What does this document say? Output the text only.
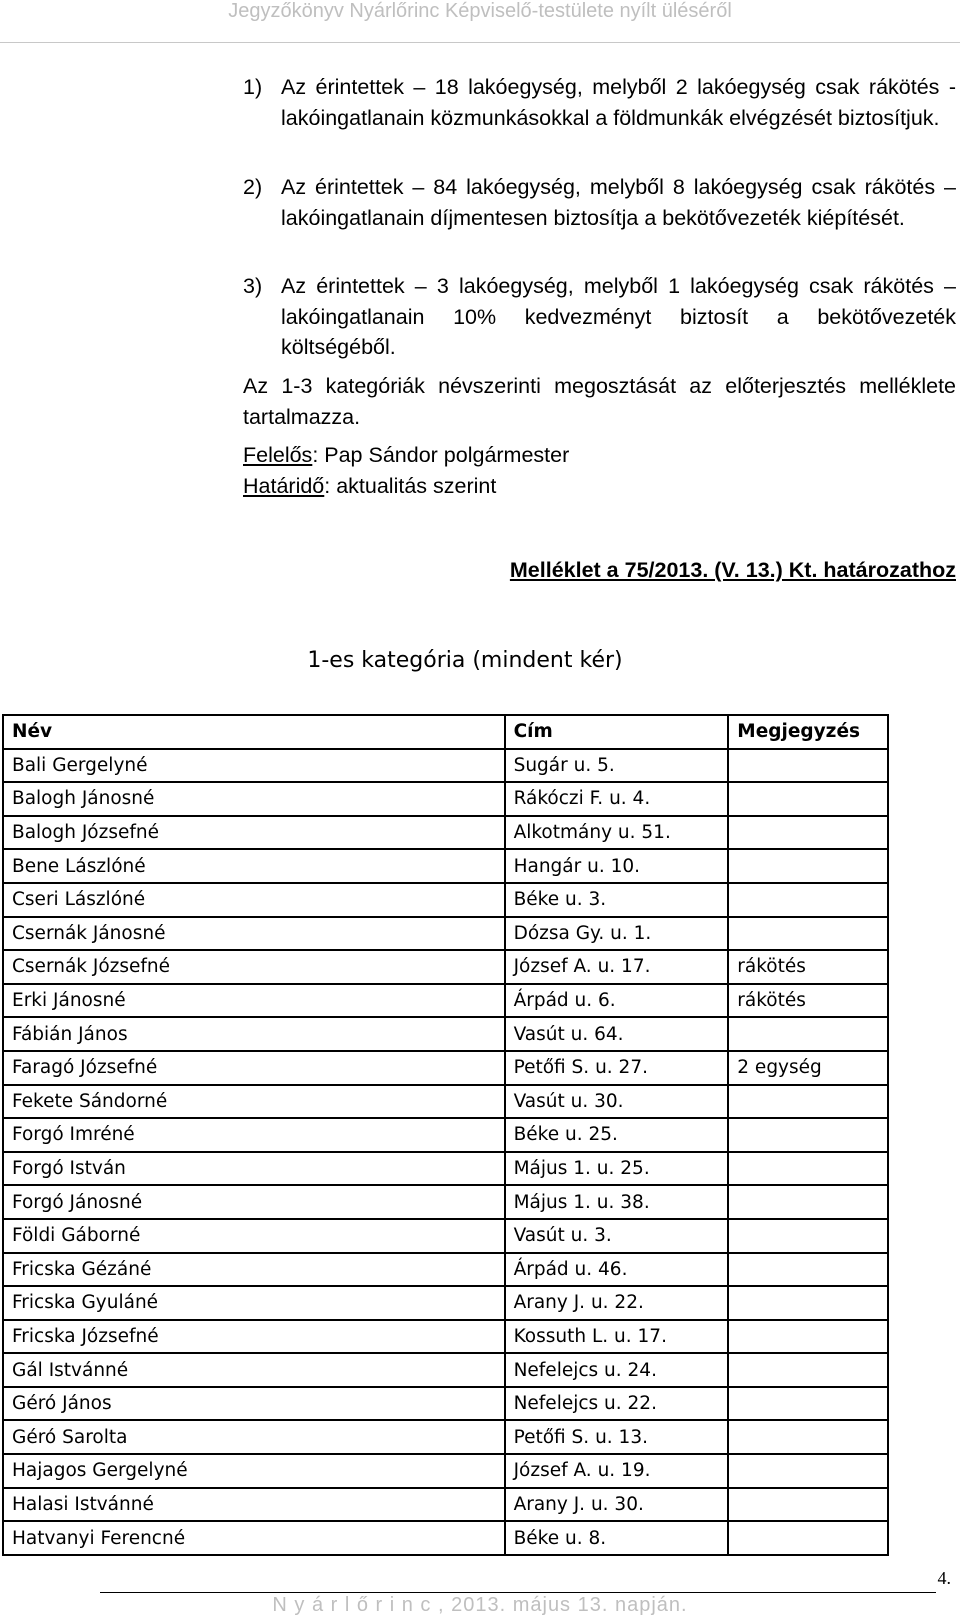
Jegyzőkönyv Nyárlőrinc Képviselő-testülete nyílt üléséről
1) Az érintettek – 18 lakóegység, melyből 2 lakóegység csak rákötés - lakóingatlanain közmunkásokkal a földmunkák elvégzését biztosítjuk.
2) Az érintettek – 84 lakóegység, melyből 8 lakóegység csak rákötés – lakóingatlanain díjmentesen biztosítja a bekötővezeték kiépítését.
3) Az érintettek – 3 lakóegység, melyből 1 lakóegység csak rákötés – lakóingatlanain 10% kedvezményt biztosít a bekötővezeték költségéből.
Az 1-3 kategóriák névszerinti megosztását az előterjesztés melléklete tartalmazza.
Felelős: Pap Sándor polgármester
Határidő: aktualitás szerint
Melléklet a 75/2013. (V. 13.) Kt. határozathoz
1-es kategória (mindent kér)
Név	Cím	Megjegyzés
Bali Gergelyné	Sugár u. 5.	
Balogh Jánosné	Rákóczi F. u. 4.	
Balogh Józsefné	Alkotmány u. 51.	
Bene Lászlóné	Hangár u. 10.	
Cseri Lászlóné	Béke u. 3.	
Csernák Jánosné	Dózsa Gy. u. 1.	
Csernák Józsefné	József A. u. 17.	rákötés
Erki Jánosné	Árpád u. 6.	rákötés
Fábián János	Vasút u. 64.	
Faragó Józsefné	Petőfi S. u. 27.	2 egység
Fekete Sándorné	Vasút u. 30.	
Forgó Imréné	Béke u. 25.	
Forgó István	Május 1. u. 25.	
Forgó Jánosné	Május 1. u. 38.	
Földi Gáborné	Vasút u. 3.	
Fricska Gézáné	Árpád u. 46.	
Fricska Gyuláné	Arany J. u. 22.	
Fricska Józsefné	Kossuth L. u. 17.	
Gál Istvánné	Nefelejcs u. 24.	
Géró János	Nefelejcs u. 22.	
Géró Sarolta	Petőfi S. u. 13.	
Hajagos Gergelyné	József A. u. 19.	
Halasi Istvánné	Arany J. u. 30.	
Hatvanyi Ferencné	Béke u. 8.	
4.
N y á r l ő r i n c , 2013. május 13. napján.
